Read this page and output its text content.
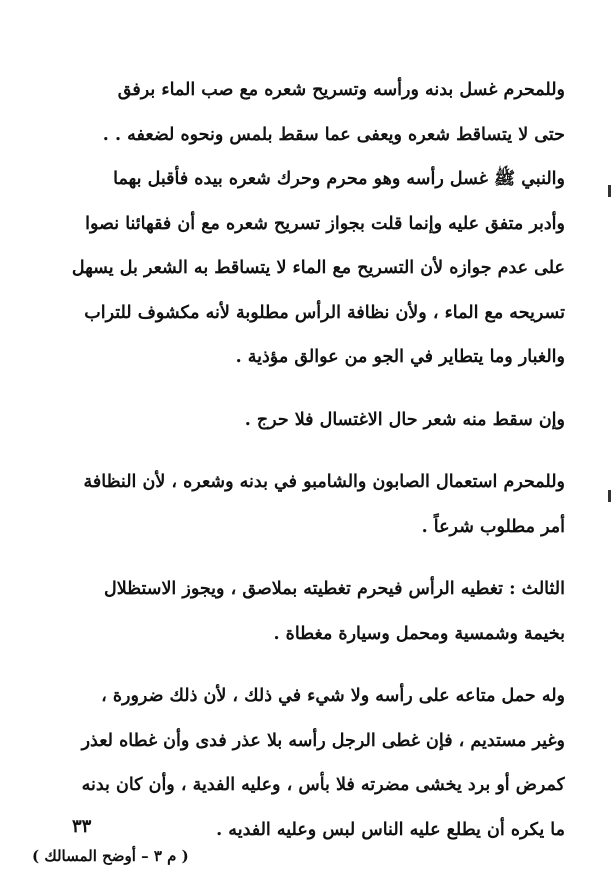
وللمحرم غسل بدنه ورأسه وتسريح شعره مع صب الماء برفق
حتى لا يتساقط شعره ويعفى عما سقط بلمس ونحوه لضعفه . .
والنبي ﷺ غسل رأسه وهو محرم وحرك شعره بيده فأقبل بهما
وأدبر متفق عليه وإنما قلت بجواز تسريح شعره مع أن فقهائنا نصوا
على عدم جوازه لأن التسريح مع الماء لا يتساقط به الشعر بل يسهل
تسريحه مع الماء ، ولأن نظافة الرأس مطلوبة لأنه مكشوف للتراب
والغبار وما يتطاير في الجو من عوالق مؤذية .
وإن سقط منه شعر حال الاغتسال فلا حرج .
وللمحرم استعمال الصابون والشامبو في بدنه وشعره ، لأن النظافة
أمر مطلوب شرعاً .
الثالث : تغطيه الرأس فيحرم تغطيته بملاصق ، ويجوز الاستظلال
بخيمة وشمسية ومحمل وسيارة مغطاة .
وله حمل متاعه على رأسه ولا شيء في ذلك ، لأن ذلك ضرورة ،
وغير مستديم ، فإن غطى الرجل رأسه بلا عذر فدى وأن غطاه لعذر
كمرض أو برد يخشى مضرته فلا بأس ، وعليه الفدية ، وأن كان بدنه
ما يكره أن يطلع عليه الناس لبس وعليه الفديه .
٣٣
( م ٣ – أوضح المسالك )
